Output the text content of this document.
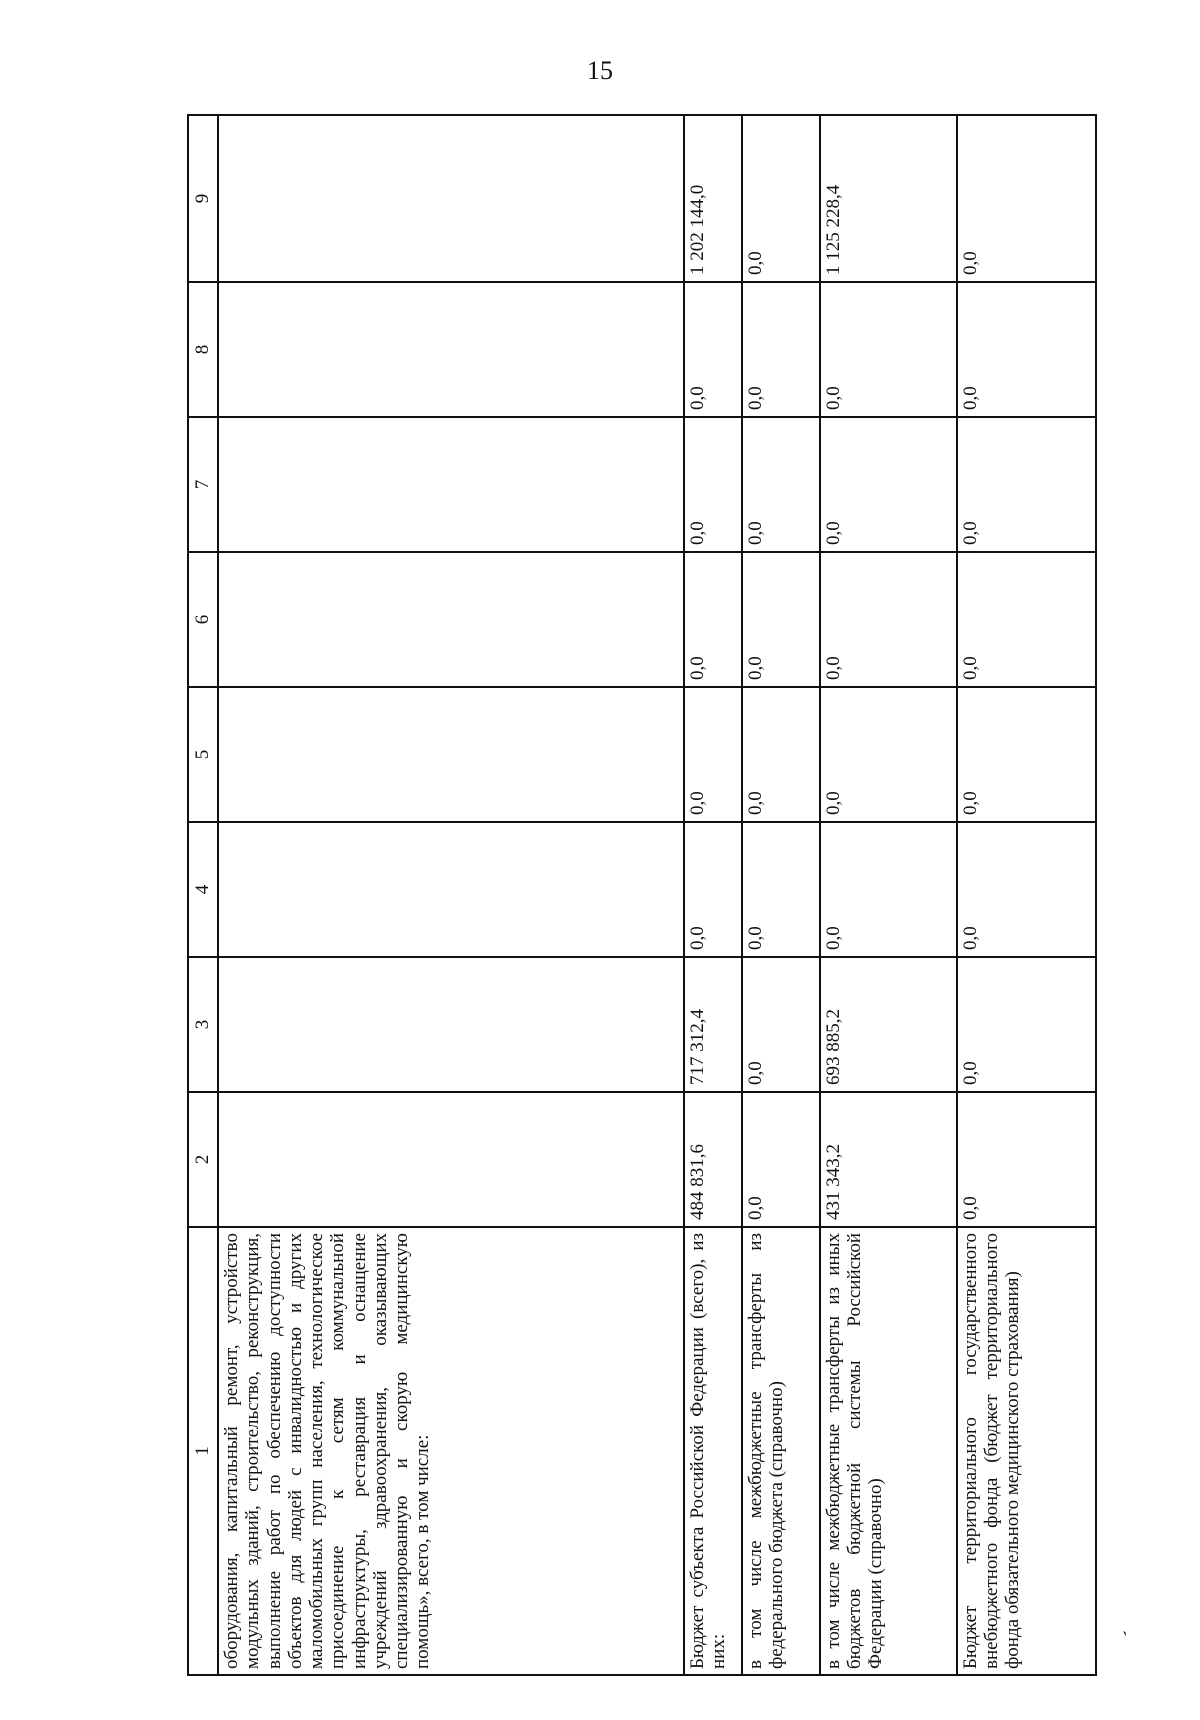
15
1	2	3	4	5	6	7	8	9
оборудования, капитальный ремонт, устройство модульных зданий, строительство, реконструкция, выполнение работ по обеспечению доступности объектов для людей с инвалидностью и других маломобильных групп населения, технологическое присоединение к сетям коммунальной инфраструктуры, реставрация и оснащение учреждений здравоохранения, оказывающих специализированную и скорую медицинскую помощь», всего, в том числе:								
Бюджет субъекта Российской Федерации (всего), из них:	484 831,6	717 312,4	0,0	0,0	0,0	0,0	0,0	1 202 144,0
в том числе межбюджетные трансферты из федерального бюджета (справочно)	0,0	0,0	0,0	0,0	0,0	0,0	0,0	0,0
в том числе межбюджетные трансферты из иных бюджетов бюджетной системы Российской Федерации (справочно)	431 343,2	693 885,2	0,0	0,0	0,0	0,0	0,0	1 125 228,4
Бюджет территориального государственного внебюджетного фонда (бюджет территориального фонда обязательного медицинского страхования)	0,0	0,0	0,0	0,0	0,0	0,0	0,0	0,0
`
